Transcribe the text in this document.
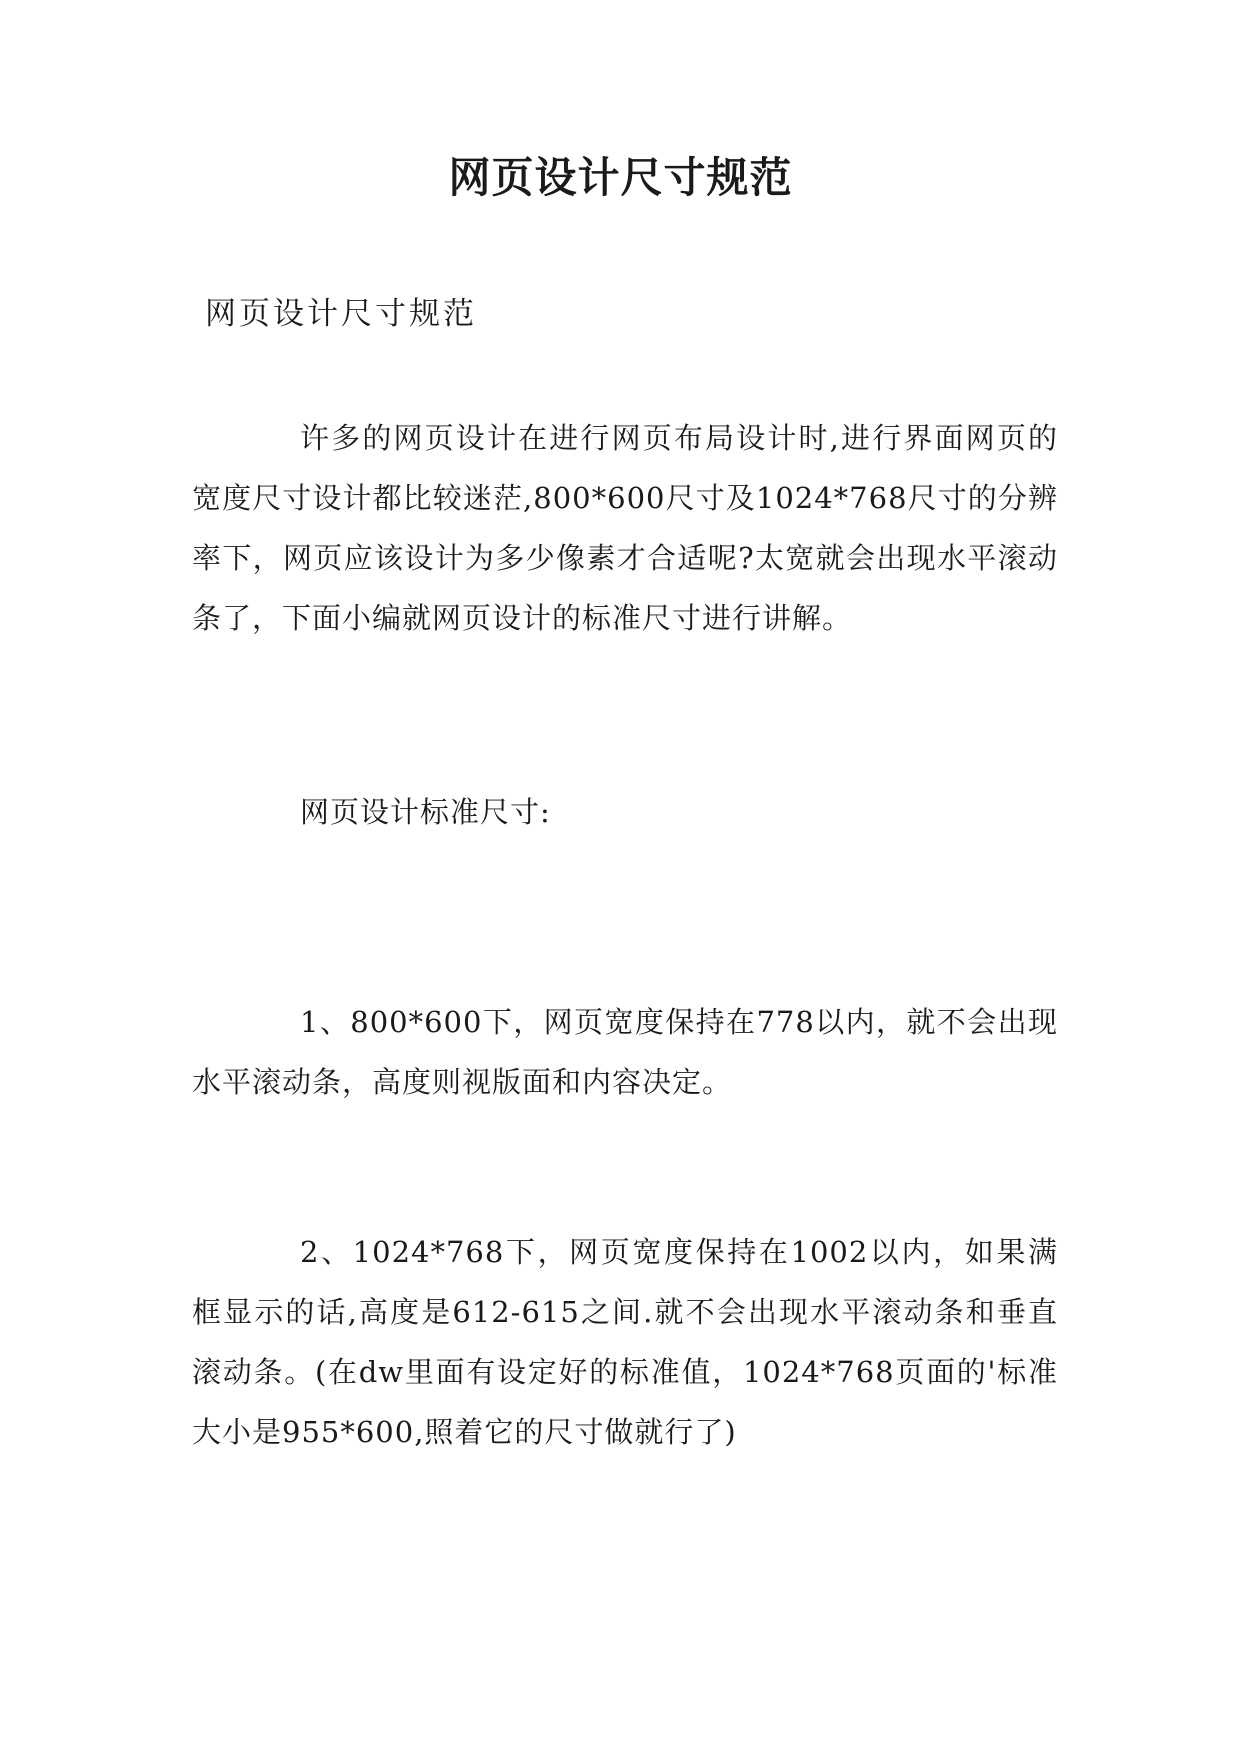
网页设计尺寸规范

网页设计尺寸规范

许多的网页设计在进行网页布局设计时,进行界面网页的宽度尺寸设计都比较迷茫,800*600尺寸及1024*768尺寸的分辨率下，网页应该设计为多少像素才合适呢?太宽就会出现水平滚动条了，下面小编就网页设计的标准尺寸进行讲解。

网页设计标准尺寸:

1、800*600下，网页宽度保持在778以内，就不会出现水平滚动条，高度则视版面和内容决定。

2、1024*768下，网页宽度保持在1002以内，如果满框显示的话,高度是612-615之间.就不会出现水平滚动条和垂直滚动条。(在dw里面有设定好的标准值，1024*768页面的'标准大小是955*600,照着它的尺寸做就行了)
